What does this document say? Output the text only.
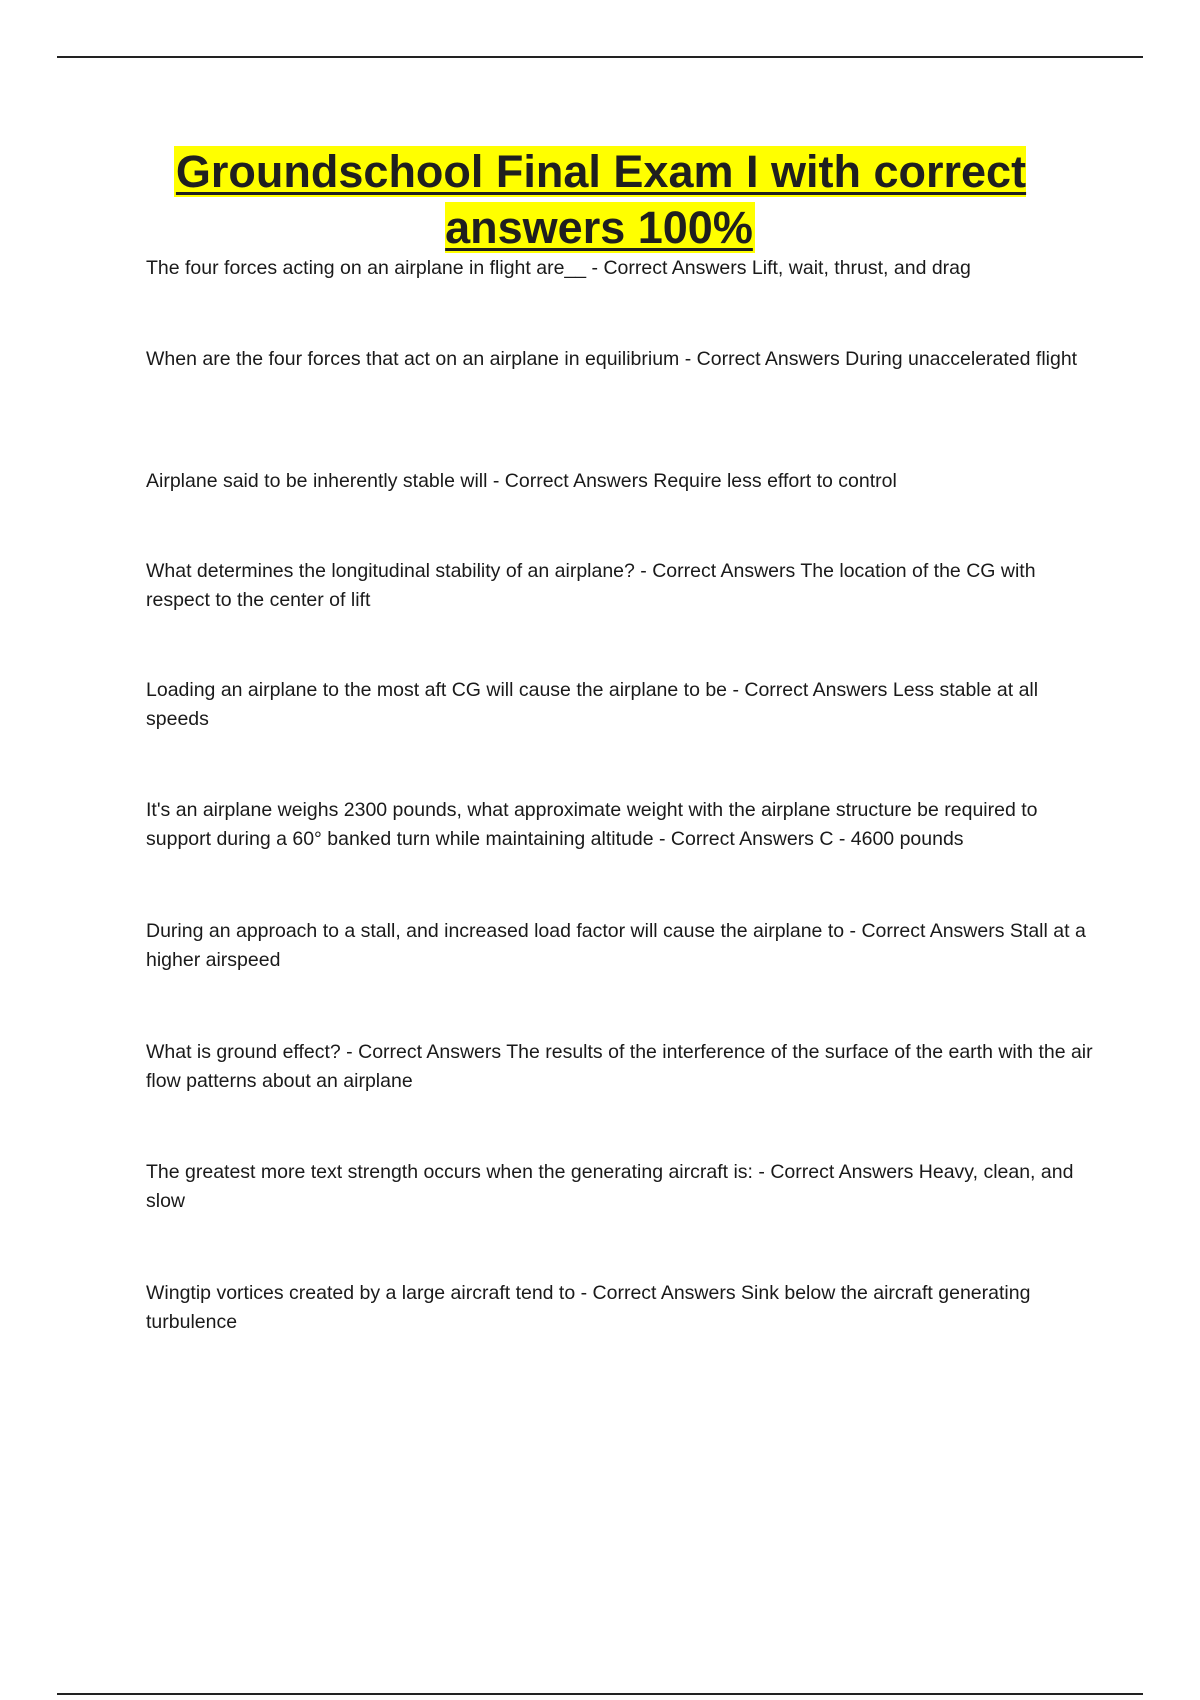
Groundschool Final Exam I with correct answers 100%
The four forces acting on an airplane in flight are__ - Correct Answers Lift, wait, thrust, and drag
When are the four forces that act on an airplane in equilibrium - Correct Answers During unaccelerated flight
Airplane said to be inherently stable will - Correct Answers Require less effort to control
What determines the longitudinal stability of an airplane? - Correct Answers The location of the CG with respect to the center of lift
Loading an airplane to the most aft CG will cause the airplane to be - Correct Answers Less stable at all speeds
It's an airplane weighs 2300 pounds, what approximate weight with the airplane structure be required to support during a 60° banked turn while maintaining altitude - Correct Answers C - 4600 pounds
During an approach to a stall, and increased load factor will cause the airplane to - Correct Answers Stall at a higher airspeed
What is ground effect? - Correct Answers The results of the interference of the surface of the earth with the air flow patterns about an airplane
The greatest more text strength occurs when the generating aircraft is: - Correct Answers Heavy, clean, and slow
Wingtip vortices created by a large aircraft tend to - Correct Answers Sink below the aircraft generating turbulence
